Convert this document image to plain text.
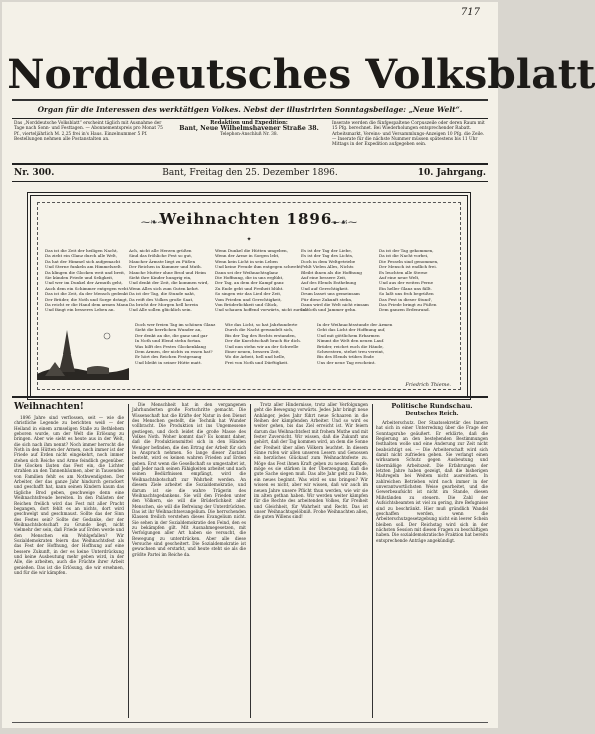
717
Norddeutsches Volksblatt
Organ für die Interessen des werktätigen Volkes. Nebst der illustrirten Sonntagsbeilage: „Neue Welt“.
Das „Norddeutsche Volksblatt“ erscheint täglich mit Ausnahme der Tage nach Sonn- und Festtagen. — Abonnementspreis pro Monat 75 Pf., vierteljährlich M. 2,25 frei in's Haus. Einzelnummer 5 Pf. Bestellungen nehmen alle Postanstalten an.
Redaktion und Expedition:
Bant, Neue Wilhelmshavener Straße 38.
Telephon-Anschluß Nr. 38.
Inserate werden die fünfgespaltene Corpuszeile oder deren Raum mit 15 Pfg. berechnet. Bei Wiederholungen entsprechender Rabatt. Arbeitsmarkt, Vereins- und Versammlungs-Anzeigen 10 Pfg. die Zeile. — Inserate für die nächste Nummer müssen spätestens bis 11 Uhr Mittags in der Expedition aufgegeben sein.
Nr. 300.	Bant, Freitag den 25. Dezember 1896.	10. Jahrgang.
⁓❧⁓
Weihnachten 1896.
⁓☙⁓
✦
Das ist die Zeit der heiligen Nacht,
Da zieht ein Glanz durch alle Welt,
Da hat der Himmel sich aufgemacht
Und Sterne funkeln am Himmelszelt.
Da klingen die Glocken weit und breit,
Sie künden Friede und Seligkeit,
Und wer im Dunkel der Armuth geht,
Auch dem ein Schimmer entgegen weht.
Das ist die Zeit, da der Mensch gedenkt
Der Brüder, die Noth und Sorge drängt,
Da reicht er die Hand dem armen Mann
Und fängt ein besseres Leben an.
Ach, nicht alle Herzen grüßen
Sind das fröhliche Fest so gut,
Mancher Ärmste liegt zu Füßen
Der Reichen in Kummer und Muth.
Manche Mutter ohne Brod und Heim
Sieht ihre Kinder hungrig ein,
Und denkt der Zeit, die kommen wird,
Wenn Alles sich zum Guten kehrt.
Da ist der Tag, die Stunde naht,
Da reift des Volkes große Saat,
Da bricht der Morgen hell herein
Und Alle sollen glücklich sein.
Wenn Dunkel die Hütten umgeben,
Wenn der Arme in Sorgen lebt,
Wenn kein Licht in sein Leben
Und keine Freude ihm entgegen schwebt,
Dann sei der Weihnachtsglanz
Die Hoffnung, die in uns erglüht,
Der Tag, an dem der Kampf ganz
Zu Ende geht und Freiheit blüht.
So singen wir das Lied der Zeit,
Vom Frieden und Gerechtigkeit,
Von Brüderlichkeit und Glück,
Und schauen hoffend vorwärts, nicht zurück.
Es ist der Tag der Liebe,
Es ist der Tag des Lichts,
Doch in dem Weltgetriebe
Fehlt Vielen Alles, Nichts
Bleibt ihnen als die Hoffnung
Auf eine bessere Zeit,
Auf des Elends Enthebung
Und auf Gerechtigkeit.
Drum lasset uns gemeinsam
Für diese Zukunft stehn,
Dann wird die Welt nicht einsam
In Noth und Jammer gehn.
Da ist der Tag gekommen,
Da ist die Nacht vorbei,
Die Fesseln sind genommen,
Der Mensch ist endlich frei.
Es leuchten alle Sterne
Auf eine neue Welt,
Und aus der weiten Ferne
Ein heller Glanz uns fällt.
So laßt uns froh begrüßen
Das Fest in dieser Stund',
Das Friede bringt zu Füßen
Dem ganzen Erdenrund.
Doch wer freien Tag im schönen Glanz
Sieht die herrlichen Wunder an,
Der denkt an die, die ganz und gar
In Noth und Elend stehn fortan.
Was hilft des Festes Glockenklang
Dem Armen, der nichts zu essen hat?
Er hört des Reichen Festgesang
Und bleibt in seiner Hütte matt.
Wie das Licht, so hat Jahrhunderte
Durch die Nacht gewandelt sich,
Bis der Tag des Rechts erstanden,
Der die Knechtschaft brach für dich.
Und nun stehn wir an der Schwelle
Einer neuen, bessern Zeit,
Wo die Arbeit, hell und helle,
Frei von Noth und Dürftigkeit.
In der Weihnachtsstunde der Armen
Geht das Licht der Hoffnung auf,
Und mit göttlichem Erbarmen
Nimmt die Welt den neuen Lauf.
Brüder, reichet euch die Hände,
Schwestern, stehet treu vereint,
Bis des Elends trübes Ende
Uns der neue Tag erscheint.
Friedrich Thieme.
Weihnachten!

1896 Jahre sind verflossen, seit — wie die christliche Legende zu berichten weiß — der Heiland in einem armseligen Stalle zu Bethlehem geboren wurde, um der Welt die Erlösung zu bringen. Aber wie sieht es heute aus in der Welt, die sich nach ihm nennt? Noch immer herrscht die Noth in den Hütten der Armen, noch immer ist der Friede auf Erden nicht eingekehrt, noch immer stehen sich Reiche und Arme feindlich gegenüber. Die Glocken läuten das Fest ein, die Lichter strahlen an den Tannenbäumen, aber in Tausenden von Familien fehlt es am Nothwendigsten. Der Arbeiter, der das ganze Jahr hindurch gerackert und geschafft hat, kann seinen Kindern kaum das tägliche Brod geben, geschweige denn eine Weihnachtsfreude bereiten. In den Palästen der Reichen freilich wird das Fest mit aller Pracht begangen, dort fehlt es an nichts, dort wird geschwelgt und geschmaust. Sollte das der Sinn des Festes sein? Sollte der Gedanke, der der Weihnachtsbotschaft zu Grunde liegt, nicht vielmehr der sein, daß Friede auf Erden werde und den Menschen ein Wohlgefallen? Wir Sozialdemokraten feiern das Weihnachtsfest als das Fest der Hoffnung, der Hoffnung auf eine bessere Zukunft, in der es keine Unterdrückung und keine Ausbeutung mehr geben wird, in der Alle, die arbeiten, auch die Früchte ihrer Arbeit genießen. Das ist die Erlösung, die wir ersehnen, und für die wir kämpfen.

Die Menschheit hat in den vergangenen Jahrhunderten große Fortschritte gemacht. Die Wissenschaft hat die Kräfte der Natur in den Dienst des Menschen gestellt, die Technik hat Wunder vollbracht. Die Produktion ist ins Ungemessene gestiegen, und doch leidet die große Masse des Volkes Noth. Woher kommt das? Es kommt daher, daß die Produktionsmittel sich in den Händen Weniger befinden, die den Ertrag der Arbeit für sich in Anspruch nehmen. So lange dieser Zustand besteht, wird es keinen wahren Frieden auf Erden geben. Erst wenn die Gesellschaft so umgestaltet ist, daß Jeder nach seinen Fähigkeiten arbeitet und nach seinen Bedürfnissen empfängt, wird die Weihnachtsbotschaft zur Wahrheit werden. An diesem Ziele arbeitet die Sozialdemokratie, und darum ist sie die wahre Trägerin des Weihnachtsgedankens. Sie will den Frieden unter den Völkern, sie will die Brüderlichkeit aller Menschen, sie will die Befreiung der Unterdrückten. Das ist ihr Weihnachtsevangelium. Die herrschenden Klassen freilich verstehen dieses Evangelium nicht. Sie sehen in der Sozialdemokratie den Feind, den es zu bekämpfen gilt. Mit Ausnahmegesetzen, mit Verfolgungen aller Art haben sie versucht, die Bewegung zu unterdrücken. Aber alle diese Versuche sind gescheitert. Die Sozialdemokratie ist gewachsen und erstarkt, und heute steht sie als die größte Partei im Reiche da.

Trotz aller Hindernisse, trotz aller Verfolgungen geht die Bewegung vorwärts. Jedes Jahr bringt neue Anhänger, jedes Jahr führt neue Schaaren in die Reihen der kämpfenden Arbeiter. Und so wird es weiter gehen, bis das Ziel erreicht ist. Wir feiern darum das Weihnachtsfest mit frohem Muthe und mit fester Zuversicht. Wir wissen, daß die Zukunft uns gehört, daß der Tag kommen wird, an dem die Sonne der Freiheit über allen Völkern leuchtet. In diesem Sinne rufen wir allen unseren Lesern und Genossen ein herzliches Glückauf zum Weihnachtsfeste zu. Möge das Fest ihnen Kraft geben zu neuem Kampfe, möge es sie stärken in der Überzeugung, daß die gute Sache siegen muß. Das alte Jahr geht zu Ende, ein neues beginnt. Was wird es uns bringen? Wir wissen es nicht, aber wir wissen, daß wir auch im neuen Jahre unsere Pflicht thun werden, wie wir sie im alten gethan haben. Wir werden weiter kämpfen für die Rechte des arbeitenden Volkes, für Freiheit und Gleichheit, für Wahrheit und Recht. Das ist unser Weihnachtsgelöbniß. Frohe Weihnachten allen, die guten Willens sind!

Politische Rundschau.
Deutsches Reich.

Arbeiterschutz. Der Staatssekretär des Innern hat sich in einer Unterredung über die Frage der Sonntagsruhe geäußert. Er erklärte, daß die Regierung an den bestehenden Bestimmungen festhalten wolle und eine Änderung zur Zeit nicht beabsichtigt sei. — Die Arbeiterschaft wird sich damit nicht zufrieden geben. Sie verlangt einen wirksamen Schutz gegen Ausbeutung und übermäßige Arbeitszeit. Die Erfahrungen der letzten Jahre haben gezeigt, daß die bisherigen Maßregeln bei Weitem nicht ausreichen. In zahlreichen Betrieben wird noch immer in der unverantwortlichsten Weise gearbeitet, und die Gewerbeaufsicht ist nicht im Stande, diesen Mißständen zu steuern. Die Zahl der Aufsichtsbeamten ist viel zu gering, ihre Befugnisse sind zu beschränkt. Hier muß gründlich Wandel geschaffen werden, wenn die Arbeiterschutzgesetzgebung nicht ein leerer Schein bleiben soll. Der Reichstag wird sich in der nächsten Session mit diesen Fragen zu beschäftigen haben. Die sozialdemokratische Fraktion hat bereits entsprechende Anträge angekündigt.
